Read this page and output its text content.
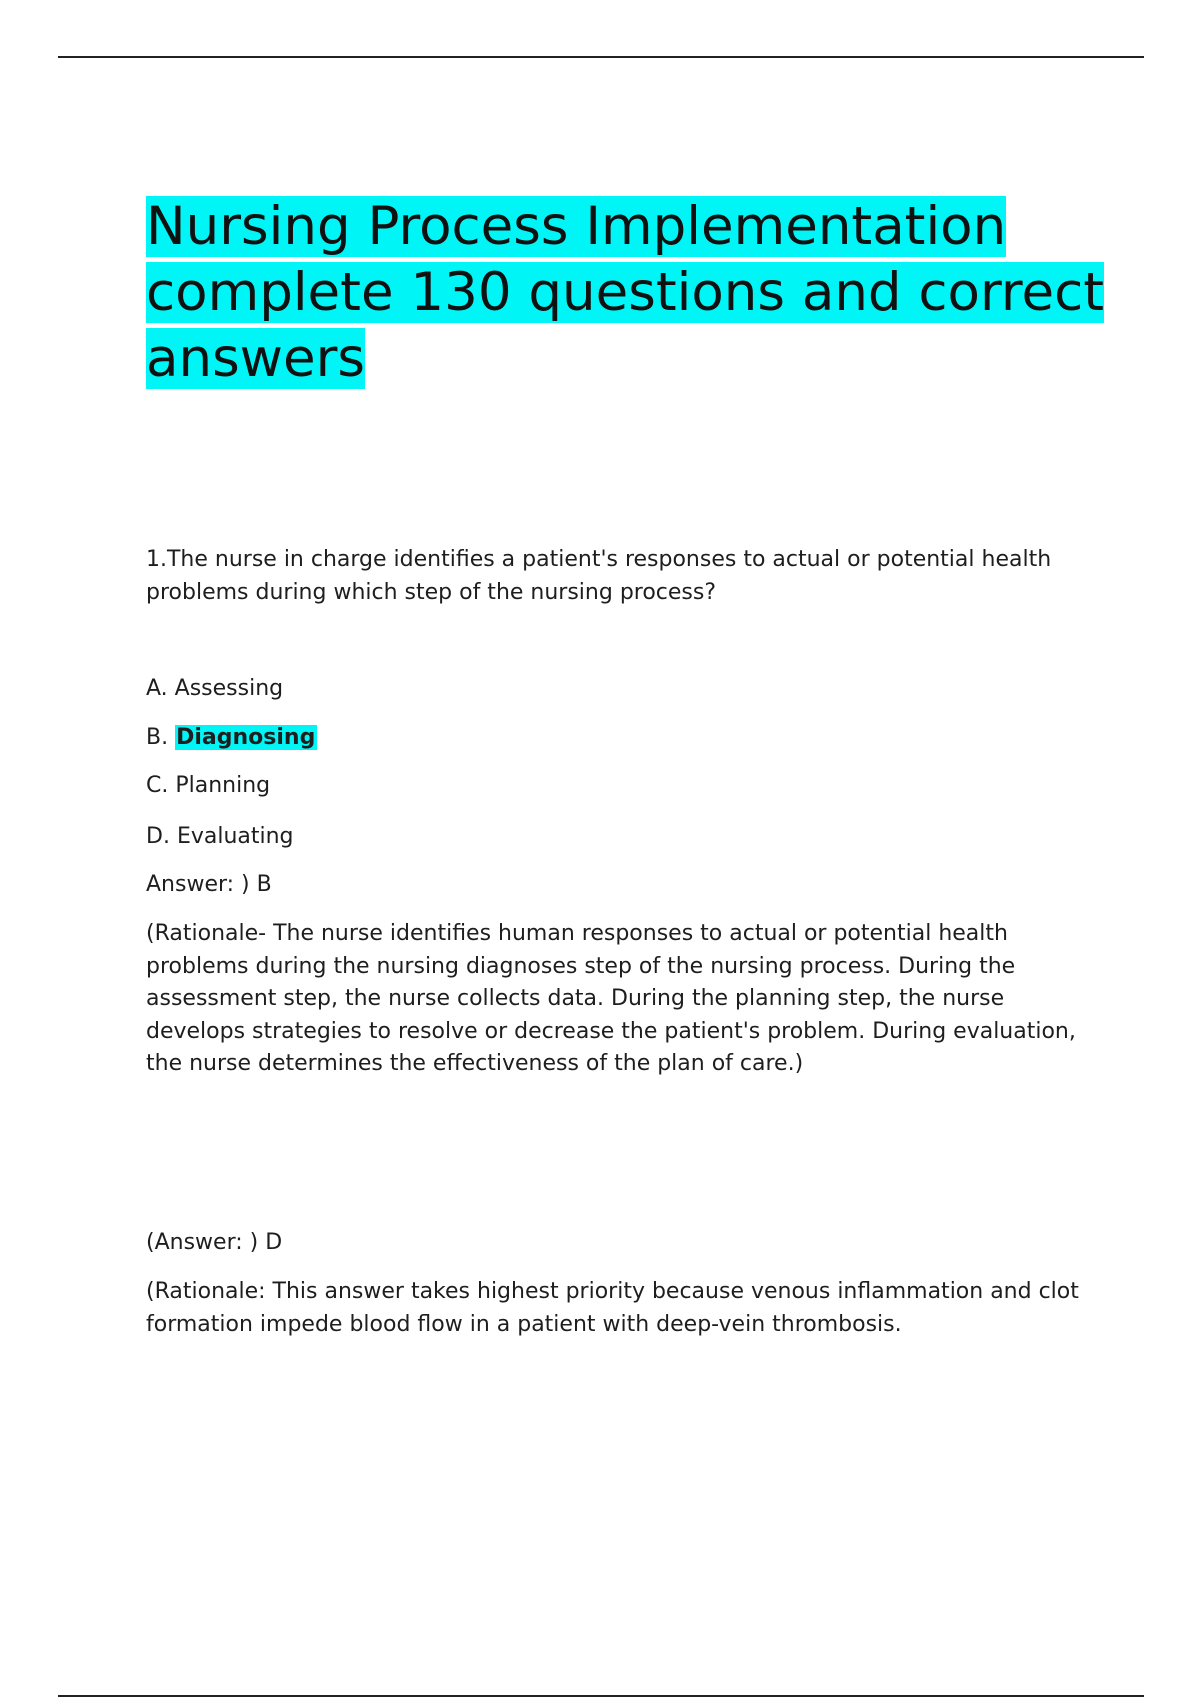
Nursing Process Implementation complete 130 questions and correct answers

1.The nurse in charge identifies a patient's responses to actual or potential health problems during which step of the nursing process?

A. Assessing

B. Diagnosing

C. Planning

D. Evaluating

Answer: ) B

(Rationale- The nurse identifies human responses to actual or potential health problems during the nursing diagnoses step of the nursing process. During the assessment step, the nurse collects data. During the planning step, the nurse develops strategies to resolve or decrease the patient's problem. During evaluation, the nurse determines the effectiveness of the plan of care.)

(Answer: ) D

(Rationale: This answer takes highest priority because venous inflammation and clot formation impede blood flow in a patient with deep-vein thrombosis.
